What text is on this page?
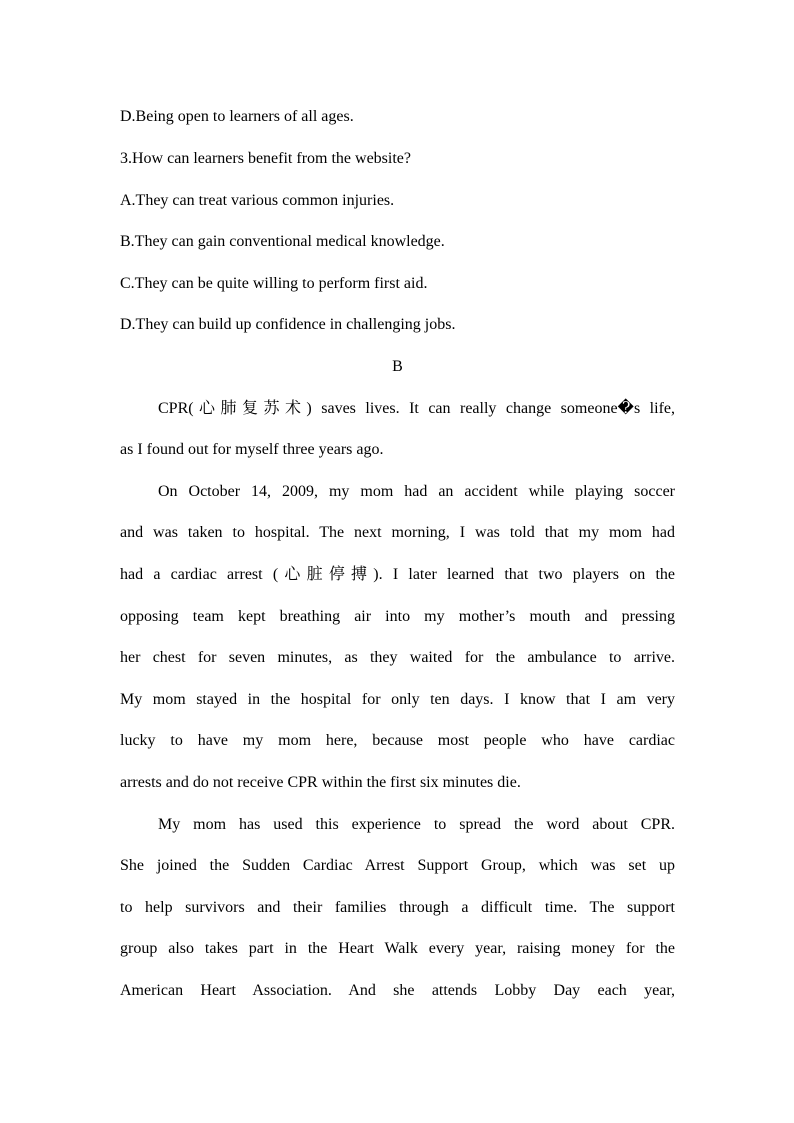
D.Being open to learners of all ages.
3.How can learners benefit from the website?
A.They can treat various common injuries.
B.They can gain conventional medical knowledge.
C.They can be quite willing to perform first aid.
D.They can build up confidence in challenging jobs.
B
CPR(心肺复苏术) saves lives. It can really change someone�s life,
as I found out for myself three years ago.
On October 14, 2009, my mom had an accident while playing soccer
and was taken to hospital. The next morning, I was told that my mom had
had a cardiac arrest (心脏停搏). I later learned that two players on the
opposing team kept breathing air into my mother’s mouth and pressing
her chest for seven minutes, as they waited for the ambulance to arrive.
My mom stayed in the hospital for only ten days. I know that I am very
lucky to have my mom here, because most people who have cardiac
arrests and do not receive CPR within the first six minutes die.
My mom has used this experience to spread the word about CPR.
She joined the Sudden Cardiac Arrest Support Group, which was set up
to help survivors and their families through a difficult time. The support
group also takes part in the Heart Walk every year, raising money for the
American Heart Association. And she attends Lobby Day each year,
